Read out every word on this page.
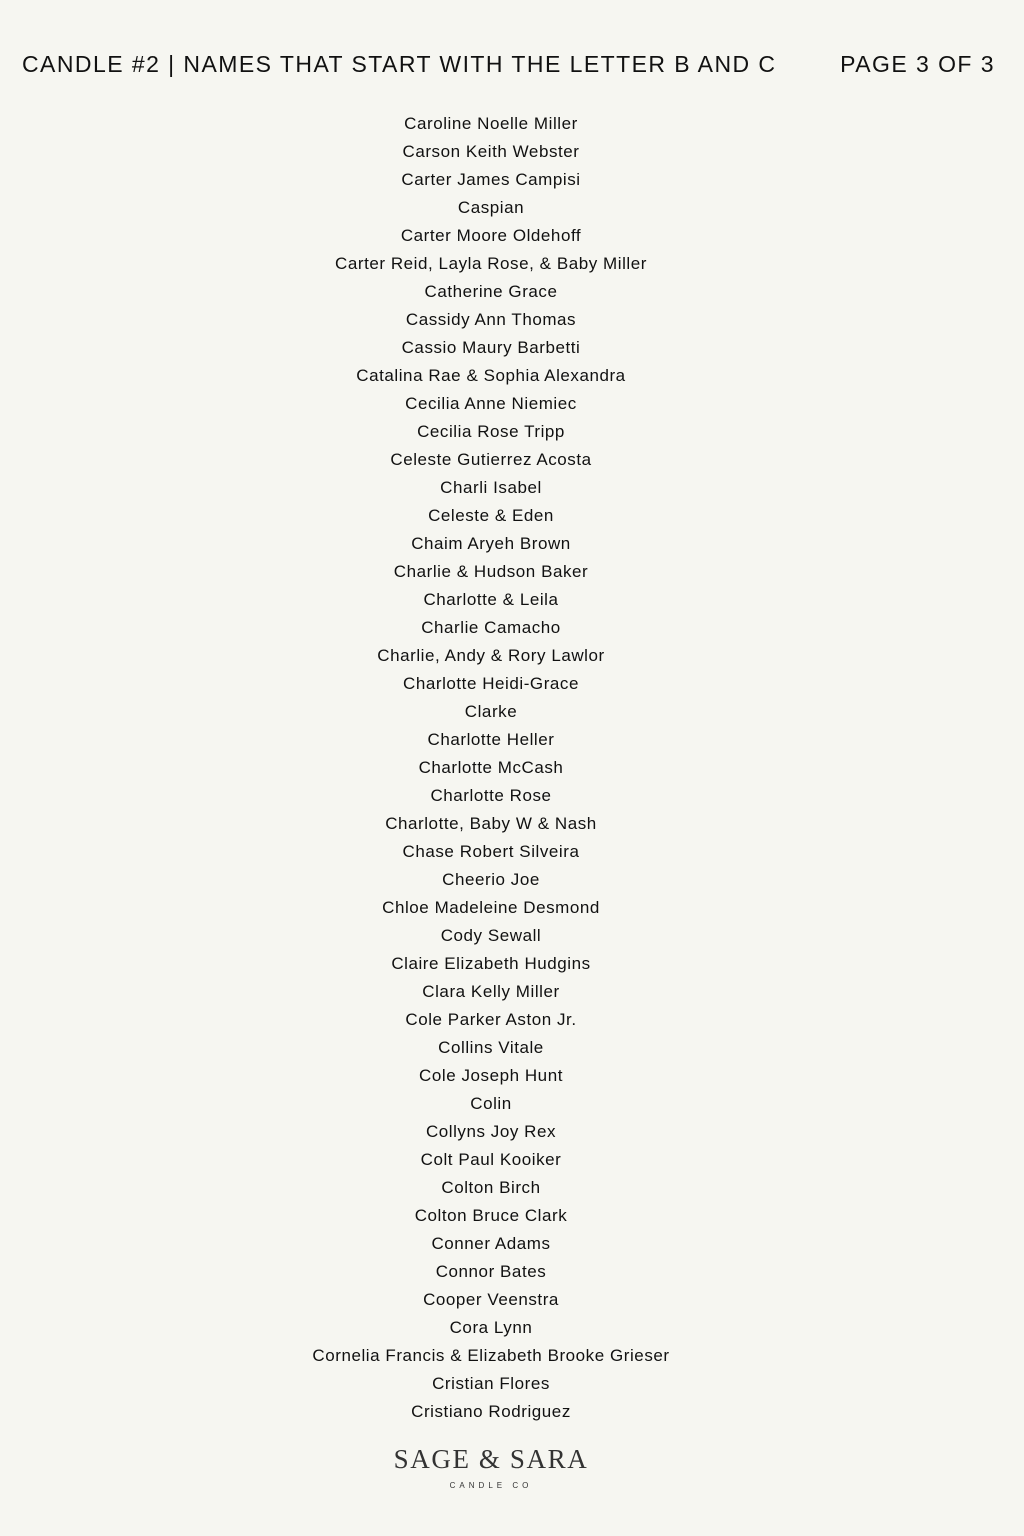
CANDLE #2 | NAMES THAT START WITH THE LETTER B AND C	PAGE 3 OF 3
Caroline Noelle Miller
Carson Keith Webster
Carter James Campisi
Caspian
Carter Moore Oldehoff
Carter Reid, Layla Rose, & Baby Miller
Catherine Grace
Cassidy Ann Thomas
Cassio Maury Barbetti
Catalina Rae & Sophia Alexandra
Cecilia Anne Niemiec
Cecilia Rose Tripp
Celeste Gutierrez Acosta
Charli Isabel
Celeste & Eden
Chaim Aryeh Brown
Charlie & Hudson Baker
Charlotte & Leila
Charlie Camacho
Charlie, Andy & Rory Lawlor
Charlotte Heidi-Grace
Clarke
Charlotte Heller
Charlotte McCash
Charlotte Rose
Charlotte, Baby W & Nash
Chase Robert Silveira
Cheerio Joe
Chloe Madeleine Desmond
Cody Sewall
Claire Elizabeth Hudgins
Clara Kelly Miller
Cole Parker Aston Jr.
Collins Vitale
Cole Joseph Hunt
Colin
Collyns Joy Rex
Colt Paul Kooiker
Colton Birch
Colton Bruce Clark
Conner Adams
Connor Bates
Cooper Veenstra
Cora Lynn
Cornelia Francis & Elizabeth Brooke Grieser
Cristian Flores
Cristiano Rodriguez
SAGE & SARA
CANDLE CO
